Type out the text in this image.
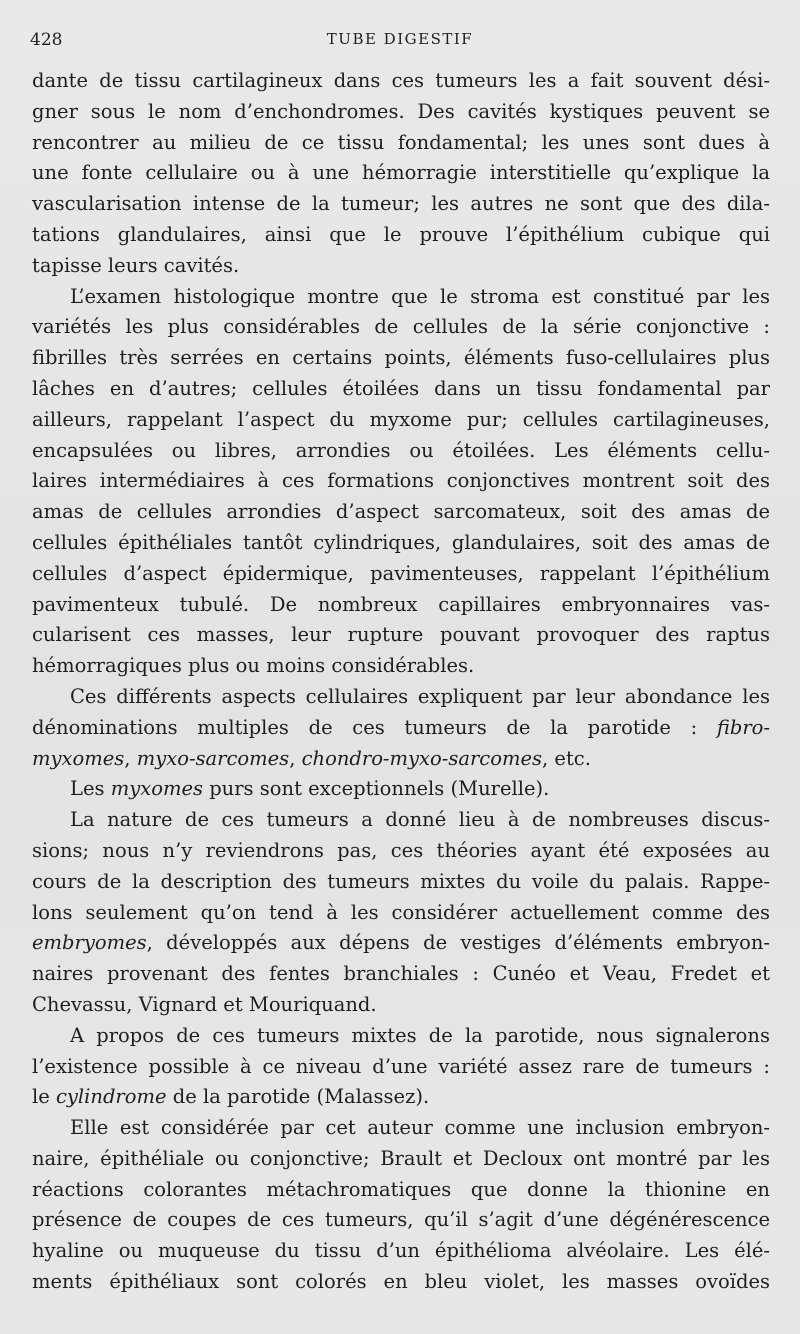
428	TUBE DIGESTIF
dante de tissu cartilagineux dans ces tumeurs les a fait souvent dési-
gner sous le nom d’enchondromes. Des cavités kystiques peuvent se
rencontrer au milieu de ce tissu fondamental; les unes sont dues à
une fonte cellulaire ou à une hémorragie interstitielle qu’explique la
vascularisation intense de la tumeur; les autres ne sont que des dila-
tations glandulaires, ainsi que le prouve l’épithélium cubique qui
tapisse leurs cavités.
L’examen histologique montre que le stroma est constitué par les
variétés les plus considérables de cellules de la série conjonctive :
fibrilles très serrées en certains points, éléments fuso-cellulaires plus
lâches en d’autres; cellules étoilées dans un tissu fondamental par
ailleurs, rappelant l’aspect du myxome pur; cellules cartilagineuses,
encapsulées ou libres, arrondies ou étoilées. Les éléments cellu-
laires intermédiaires à ces formations conjonctives montrent soit des
amas de cellules arrondies d’aspect sarcomateux, soit des amas de
cellules épithéliales tantôt cylindriques, glandulaires, soit des amas de
cellules d’aspect épidermique, pavimenteuses, rappelant l’épithélium
pavimenteux tubulé. De nombreux capillaires embryonnaires vas-
cularisent ces masses, leur rupture pouvant provoquer des raptus
hémorragiques plus ou moins considérables.
Ces différents aspects cellulaires expliquent par leur abondance les
dénominations multiples de ces tumeurs de la parotide : fibro-
myxomes, myxo-sarcomes, chondro-myxo-sarcomes, etc.
Les myxomes purs sont exceptionnels (Murelle).
La nature de ces tumeurs a donné lieu à de nombreuses discus-
sions; nous n’y reviendrons pas, ces théories ayant été exposées au
cours de la description des tumeurs mixtes du voile du palais. Rappe-
lons seulement qu’on tend à les considérer actuellement comme des
embryomes, développés aux dépens de vestiges d’éléments embryon-
naires provenant des fentes branchiales : Cunéo et Veau, Fredet et
Chevassu, Vignard et Mouriquand.
A propos de ces tumeurs mixtes de la parotide, nous signalerons
l’existence possible à ce niveau d’une variété assez rare de tumeurs :
le cylindrome de la parotide (Malassez).
Elle est considérée par cet auteur comme une inclusion embryon-
naire, épithéliale ou conjonctive; Brault et Decloux ont montré par les
réactions colorantes métachromatiques que donne la thionine en
présence de coupes de ces tumeurs, qu’il s’agit d’une dégénérescence
hyaline ou muqueuse du tissu d’un épithélioma alvéolaire. Les élé-
ments épithéliaux sont colorés en bleu violet, les masses ovoïdes
